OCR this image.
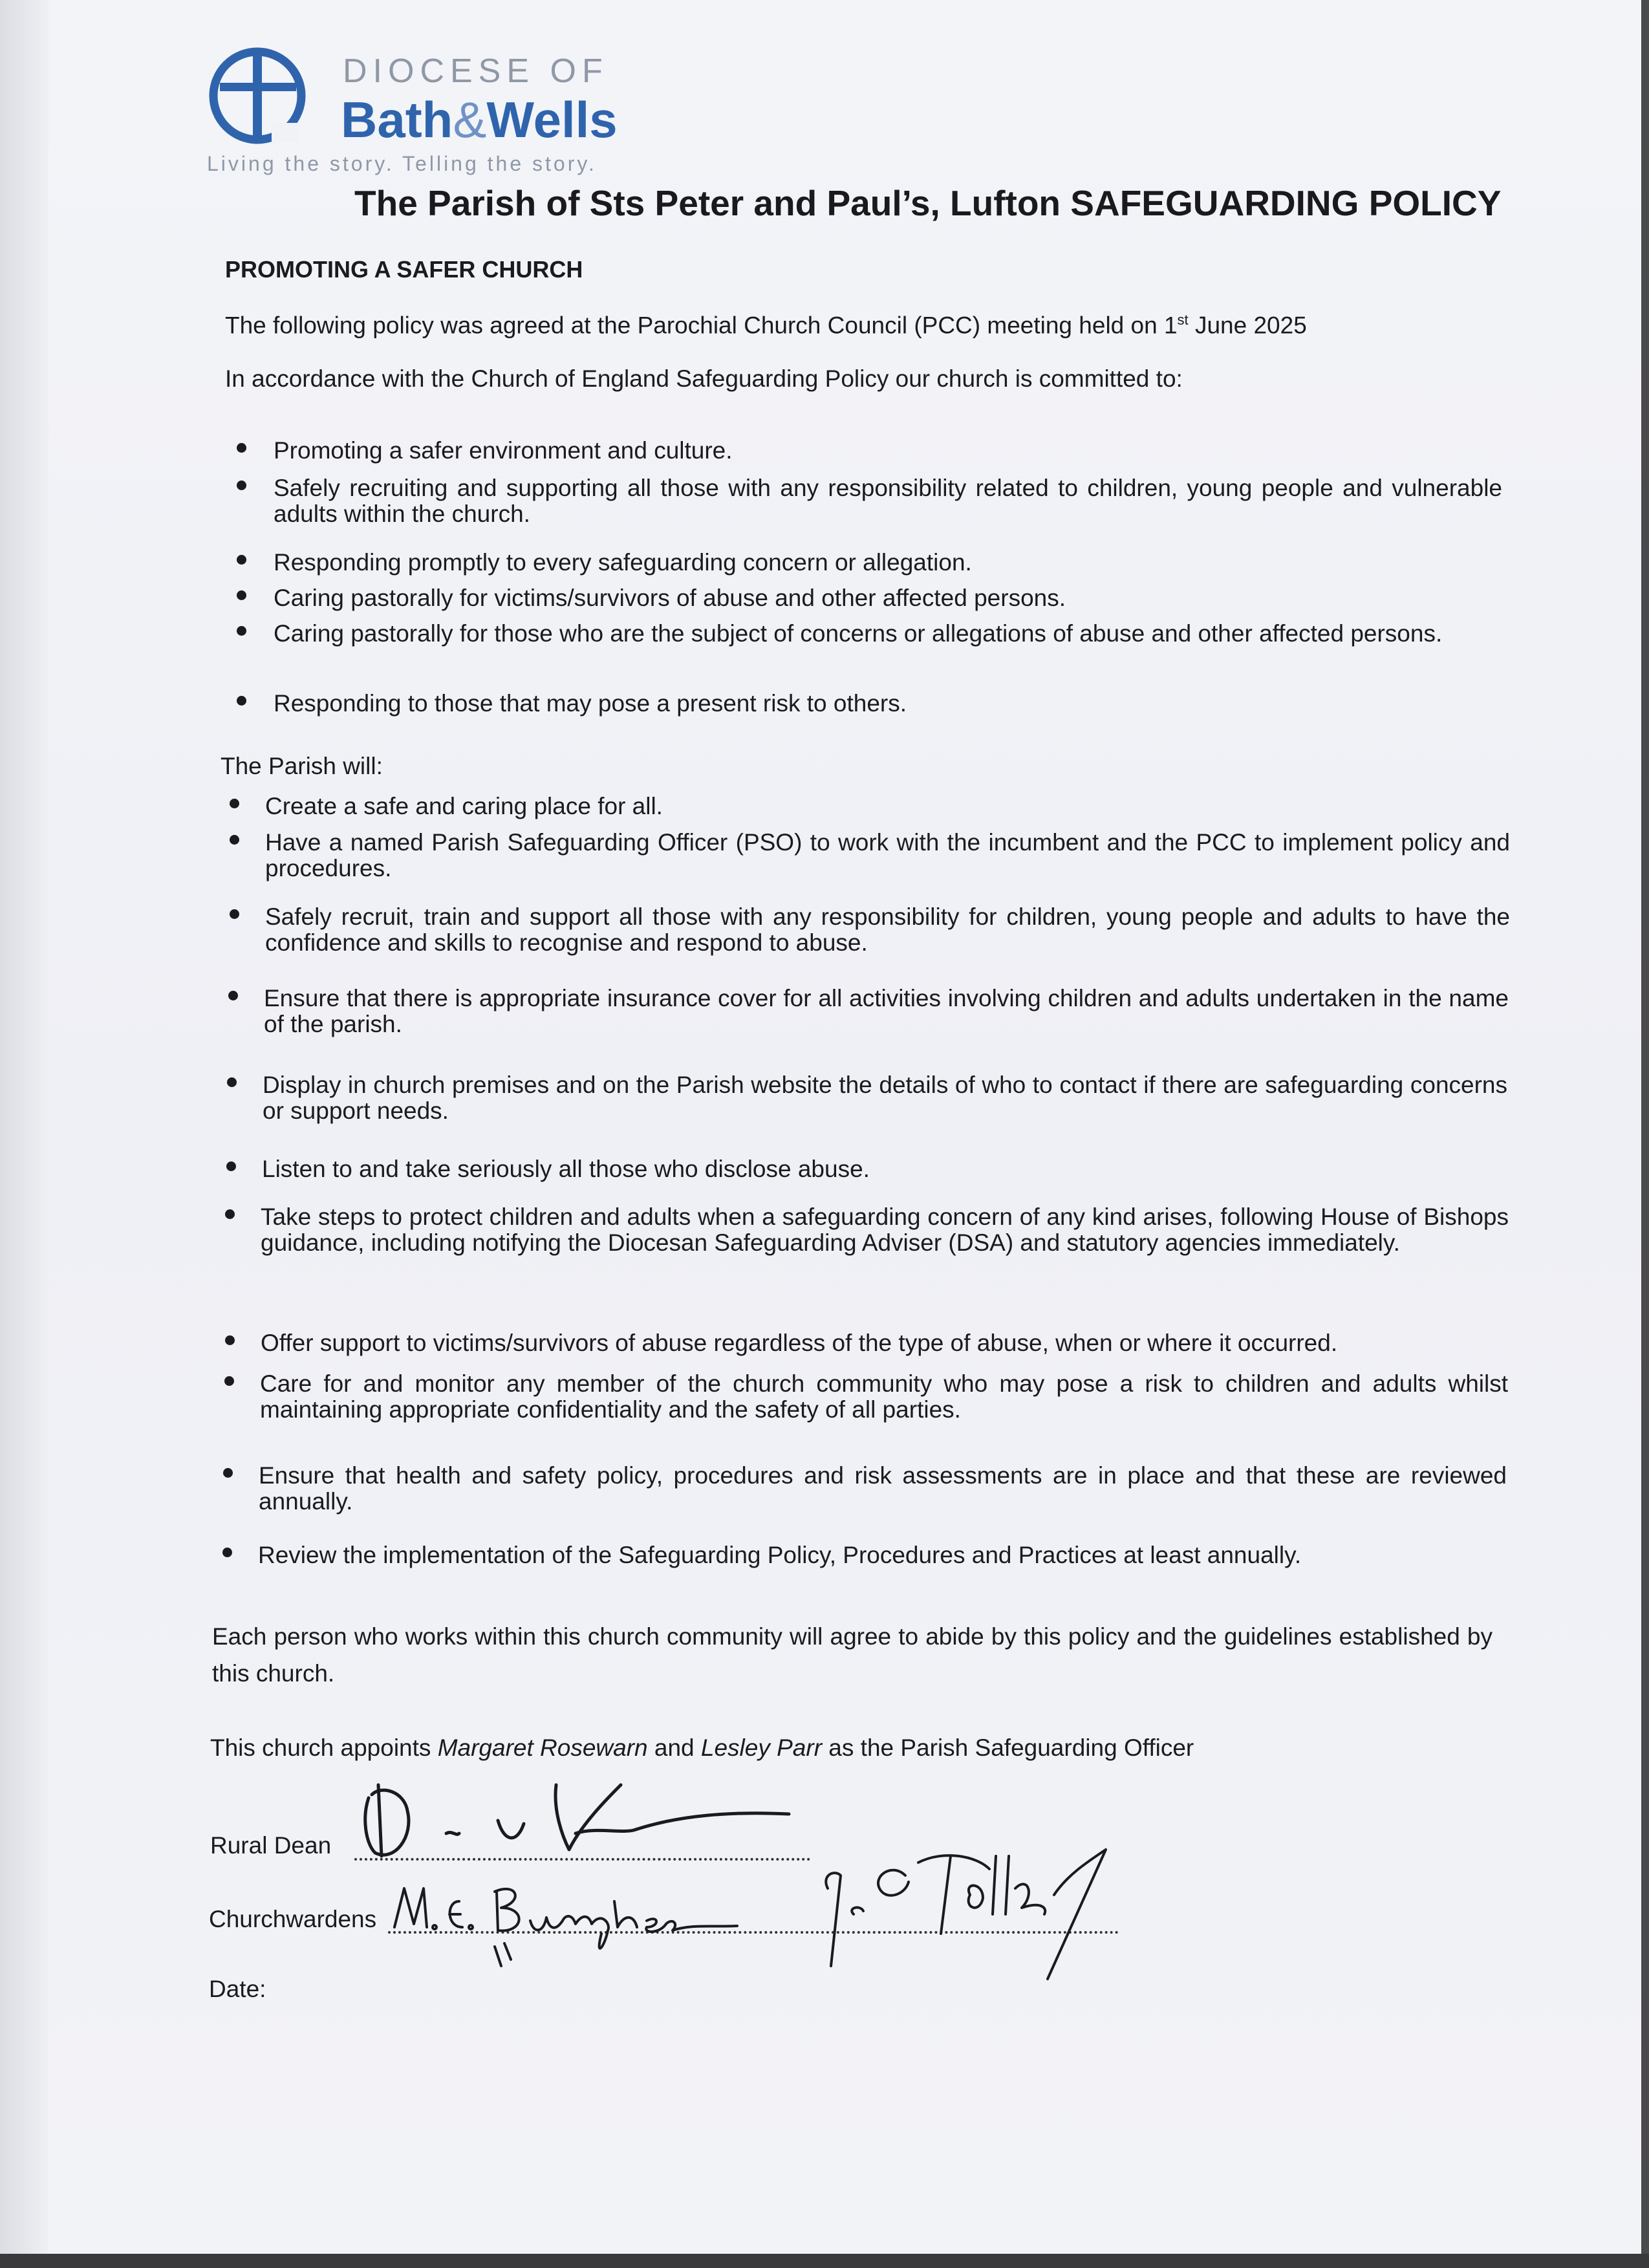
DIOCESE OF
Bath&Wells
Living the story. Telling the story.
The Parish of Sts Peter and Paul’s, Lufton SAFEGUARDING POLICY
PROMOTING A SAFER CHURCH
The following policy was agreed at the Parochial Church Council (PCC) meeting held on 1st June 2025
In accordance with the Church of England Safeguarding Policy our church is committed to:
Promoting a safer environment and culture.
Safely recruiting and supporting all those with any responsibility related to children, young people and vulnerable adults within the church.
Responding promptly to every safeguarding concern or allegation.
Caring pastorally for victims/survivors of abuse and other affected persons.
Caring pastorally for those who are the subject of concerns or allegations of abuse and other affected persons.
Responding to those that may pose a present risk to others.
The Parish will:
Create a safe and caring place for all.
Have a named Parish Safeguarding Officer (PSO) to work with the incumbent and the PCC to implement policy and procedures.
Safely recruit, train and support all those with any responsibility for children, young people and adults to have the confidence and skills to recognise and respond to abuse.
Ensure that there is appropriate insurance cover for all activities involving children and adults undertaken in the name of the parish.
Display in church premises and on the Parish website the details of who to contact if there are safeguarding concerns or support needs.
Listen to and take seriously all those who disclose abuse.
Take steps to protect children and adults when a safeguarding concern of any kind arises, following House of Bishops guidance, including notifying the Diocesan Safeguarding Adviser (DSA) and statutory agencies immediately.
Offer support to victims/survivors of abuse regardless of the type of abuse, when or where it occurred.
Care for and monitor any member of the church community who may pose a risk to children and adults whilst maintaining appropriate confidentiality and the safety of all parties.
Ensure that health and safety policy, procedures and risk assessments are in place and that these are reviewed annually.
Review the implementation of the Safeguarding Policy, Procedures and Practices at least annually.
Each person who works within this church community will agree to abide by this policy and the guidelines established by this church.
This church appoints Margaret Rosewarn and Lesley Parr as the Parish Safeguarding Officer
Rural Dean
Churchwardens
Date:
